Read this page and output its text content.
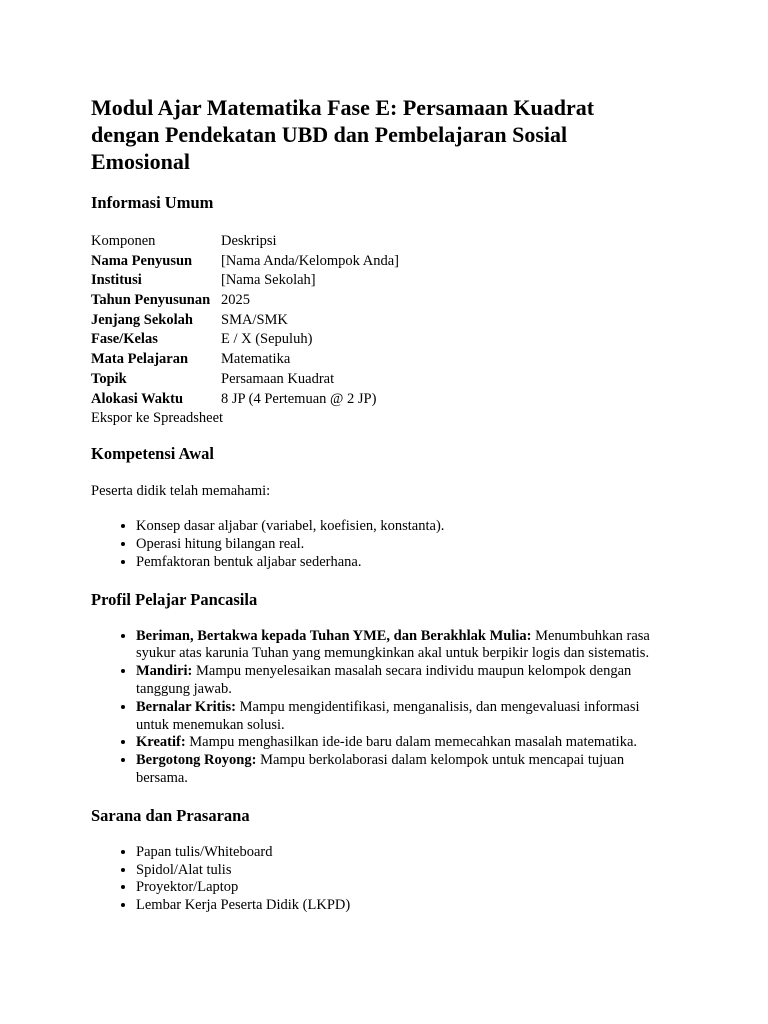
Modul Ajar Matematika Fase E: Persamaan Kuadrat dengan Pendekatan UBD dan Pembelajaran Sosial Emosional
Informasi Umum
Komponen	Deskripsi
Nama Penyusun	[Nama Anda/Kelompok Anda]
Institusi	[Nama Sekolah]
Tahun Penyusunan	2025
Jenjang Sekolah	SMA/SMK
Fase/Kelas	E / X (Sepuluh)
Mata Pelajaran	Matematika
Topik	Persamaan Kuadrat
Alokasi Waktu	8 JP (4 Pertemuan @ 2 JP)
Ekspor ke Spreadsheet
Kompetensi Awal
Peserta didik telah memahami:
• Konsep dasar aljabar (variabel, koefisien, konstanta).
• Operasi hitung bilangan real.
• Pemfaktoran bentuk aljabar sederhana.
Profil Pelajar Pancasila
• Beriman, Bertakwa kepada Tuhan YME, dan Berakhlak Mulia: Menumbuhkan rasa syukur atas karunia Tuhan yang memungkinkan akal untuk berpikir logis dan sistematis.
• Mandiri: Mampu menyelesaikan masalah secara individu maupun kelompok dengan tanggung jawab.
• Bernalar Kritis: Mampu mengidentifikasi, menganalisis, dan mengevaluasi informasi untuk menemukan solusi.
• Kreatif: Mampu menghasilkan ide-ide baru dalam memecahkan masalah matematika.
• Bergotong Royong: Mampu berkolaborasi dalam kelompok untuk mencapai tujuan bersama.
Sarana dan Prasarana
• Papan tulis/Whiteboard
• Spidol/Alat tulis
• Proyektor/Laptop
• Lembar Kerja Peserta Didik (LKPD)
